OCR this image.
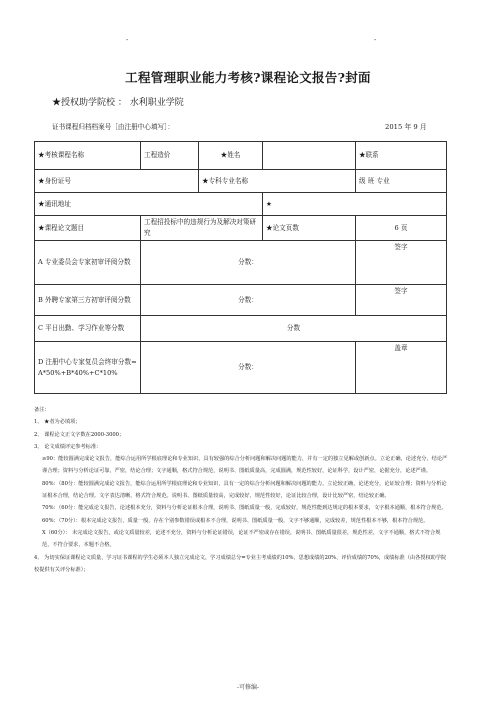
-	-
工程管理职业能力考核?课程论文报告?封面
★授权助学院校 ： 水利职业学院
证书课程归档档案号［由注册中心填写］：	2015 年 9 月
★考核课程名称	工程造价	★姓名		★联系
★身份证号		★专科专业名称		级 班 专业
★通讯地址			★	
★课程论文题目	工程招投标中的违规行为及解决对策研究		★论文页数	6 页
A 专业委员会专家初审评阅分数	分数：			签字
B 外聘专家第三方初审评阅分数	分数：			签字
C 平日出勤、学习作业等分数	分数			
D 注册中心专家复员会终审分数= A*50%+B*40%+C*10%	分数：			盖章

备注：

1、 ★者为必填项；

2、 课程论文正文字数在2000-3000；

3、 论文成绩评定参考标准：

≥90：能较圆满完成论文报告，能综合运用所学根底理论和专业知识，具有较强的综合分析问题和解决问题的能力，并有一定的独立见解或创新点。立论正确，论述充分，结论严谨合理；资料与分析论证可靠，严密，结论合理；文字通顺，格式符合规范，说明书、图纸质量高，完成圆满，规范性较好，论证科学，设计严密，论据充分，论述严谨。

80%：（80分：能较圆满完成论文报告，能综合运用所学根底理论和专业知识，具有一定的综合分析问题和解决问题的能力。立论较正确，论述充分，论证较合理；资料与分析论证根本合理，结论合理。文字表达清晰，格式符合规范。说明书、图纸质量较高，完成较好，规范性较好，论证比较合理，设计比较严密，结论较正确。

70%：（60分：能完成论文报告，论述根本充分，资料与分析论证根本合理，说明书、图纸质量一般，完成较好，规范性能到达规定的根本要求，文字根本通顺，根本符合规范。

60%：（70分）：根本完成论文报告，质量一般，存在个别参数错误或根本不合理，说明书、图纸质量一般，文字不够通顺，完成较差，规范性根本不够，根本符合规范。

X（60分）： 未完成论文报告，或论文质量较差，论述不充分，资料与分析论证错误，论证不严密或存在错误，说明书、图纸质量很差，规范性差，文字不通顺，格式不符合规范，不符合要求，本题不合格。

4、 为切实保证课程论文质量，学习证书课程的学生必须本人独立完成论文，学习成绩总分=专业主考成绩的10%、思想成绩的20%、评价成绩的70%，成绩标准（由各授权助学院校提供有关评分标准）；

-可修编-
